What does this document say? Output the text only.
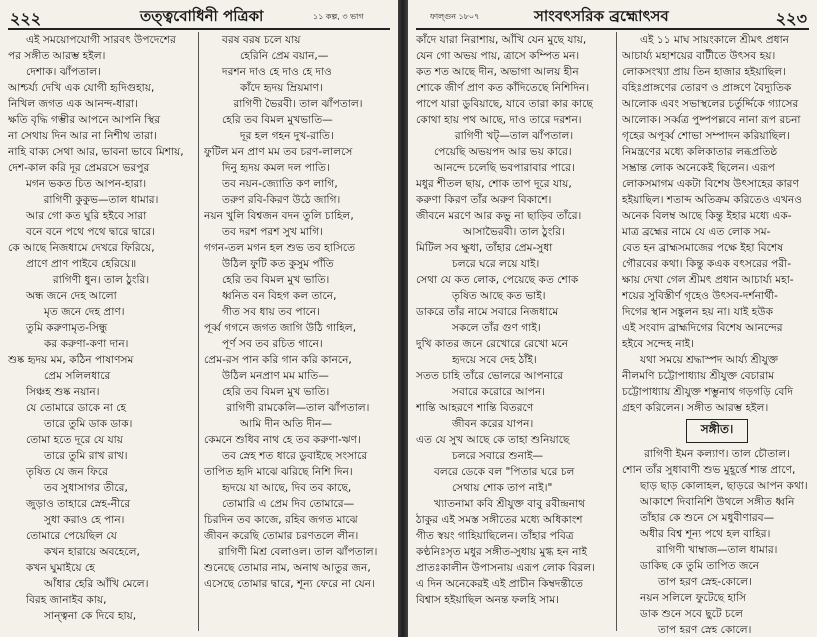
২২২	তত্ত্ববোধিনী পত্রিকা	১১ কল্প, ৩ ভাগ
এই সময়োপযোগী সারবৎ উপদেশের
পর সঙ্গীত আরম্ভ হইল।
দেশাক। ঝাঁপতাল।
আশ্চর্য্য দেখি এক যোগী হৃদিগুহায়,
নিখিল জগত এক আনন্দ-ধারা।
ক্ষতি বৃদ্ধি গম্ভীর আপনে আপনি স্থির
না সেথায় দিন আর না নিশীথ তারা।
নাহি বাক্য সেথা আর, ভাবনা ভাবে মিশায়,
দেশ-কাল করি দূর প্রেমরসে ভরপুর
মগন ভকত চিত আপন-হারা।
রাগিণী কুকুভ—তাল ধামার।
আর গো কত ঘুরি হইবে সারা
বনে বনে পথে পথে দ্বারে দ্বারে।
কে আছে নিজধামে দেখরে ফিরিয়ে,
প্রাণে প্রাণ পাইবে হেরিয়ে॥
রাগিণী ধুন। তাল ঠুংরি।
অন্ধ জনে দেহ আলো
মৃত জনে দেহ প্রাণ।
তুমি করুণামৃত-সিন্ধু
কর করুণা-কণা দান।
শুষ্ক হৃদয় মম, কঠিন পাষাণসম
প্রেম সলিলধারে
সিঞ্চহ শুষ্ক নয়ান।
যে তোমারে ডাকে না হে
তারে তুমি ডাক ডাক।
তোমা হতে দূরে যে যায়
তারে তুমি রাখ রাখ।
তৃষিত যে জন ফিরে
তব সুধাসাগর তীরে,
জুড়াও তাহারে স্নেহ-নীরে
সুধা করাও হে পান।
তোমারে পেয়েছিল যে
কখন হারায়ে অবহেলে,
কখন ঘুমাইয়ে হে
আঁধার হেরি আঁখি মেলে।
বিরহ জানাইব কায়,
সান্ত্বনা কে দিবে হায়,
বরষ বরষ চলে যায়
হেরিনি প্রেম বয়ান,—
দরশন দাও হে দাও হে দাও
কাঁদে হৃদয় ম্রিয়মাণ।
রাগিণী ভৈরবী। তাল ঝাঁপতাল।
হেরি তব বিমল মুখভাতি—
দূর হল গহন দুখ-রাতি।
ফুটিল মন প্রাণ মম তব চরণ-লালসে
দিনু হৃদয় কমল দল পাতি।
তব নয়ন-জ্যোতি কণ লাগি,
তরুণ রবি-কিরণ উঠে জাগি।
নয়ন খুলি বিশ্বজন বদন তুলি চাহিল,
তব দরশ পরশ সুখ মাগি।
গগন-তল মগন হল শুভ তব হাসিতে
উঠিল ফুটি কত কুসুম পাঁতি
হেরি তব বিমল মুখ ভাতি।
ধ্বনিত বন বিহগ কল তানে,
গীত সব ধায় তব পানে।
পূর্ব্ব গগনে জগত জাগি উঠি গাহিল,
পূর্ণ সব তব রচিত গানে।
প্রেম-রস পান করি গান করি কাননে,
উঠিল মনপ্রাণ মম মাতি—
হেরি তব বিমল মুখ ভাতি।
রাগিণী রামকেলি—তাল ঝাঁপতাল।
আমি দীন অতি দীন—
কেমনে শুধিব নাথ হে তব করুণা-ঋণ।
তব স্নেহ শত ধারে ডুবাইছে সংসারে
তাপিত হৃদি মাঝে ঝরিছে নিশি দিন।
হৃদয়ে যা আছে, দিব তব কাছে,
তোমারি এ প্রেম দিব তোমারে—
চিরদিন তব কাজে, রহিব জগত মাঝে
জীবন করেছি তোমার চরণতলে লীন।
রাগিণী মিশ্র বেলাওল। তাল ঝাঁপতাল।
শুনেছে তোমার নাম, অনাথ আতুর জন,
এসেছে তোমার দ্বারে, শূন্য ফেরে না যেন।
ফাল্গুন ১৮০৭	সাংবৎসরিক ব্রহ্মোৎসব	২২৩
কাঁদে যারা নিরাশায়, আঁখি যেন মুছে যায়,
যেন গো অভয় পায়, ত্রাসে কম্পিত মন।
কত শত আছে দীন, অভাগা আলয় হীন
শোকে জীর্ণ প্রাণ কত কাঁদিতেছে নিশিদিন।
পাপে যারা ডুবিয়াছে, যাবে তারা কার কাছে
কোথা হায় পথ আছে, দাও তারে দরশন।
রাগিণী খট্—তাল ঝাঁপতাল।
পেয়েছি অভয়পদ আর ভয় কারে।
আনন্দে চলেছি ভবপারাবার পারে।
মধুর শীতল ছায়, শোক তাপ দূরে যায়,
করুণা কিরণ তাঁর অরুণ বিকাশে।
জীবনে মরণে আর কভু না ছাড়িব তাঁরে।
আসাভৈরবী। তাল ঠুংরি।
মিটিল সব ক্ষুধা, তাঁহার প্রেম-সুধা
চলরে ঘরে লয়ে যাই।
সেথা যে কত লোক, পেয়েছে কত শোক
তৃষিত আছে কত ভাই।
ডাকরে তাঁর নামে সবারে নিজধামে
সকলে তাঁর গুণ গাই।
দুখি কাতর জনে রেখোরে রেখো মনে
হৃদয়ে সবে দেহ ঠাঁই।
সতত চাহি তাঁরে ভোলরে আপনারে
সবারে করোরে আপন।
শান্তি আহরণে শান্তি বিতরণে
জীবন করের যাপন।
এত যে সুখ আছে কে তাহা শুনিয়াছে
চলরে সবারে শুনাই—
বলরে ডেকে বল "পিতার ঘরে চল
সেথায় শোক তাপ নাই।"
খ্যাতনামা কবি শ্রীযুক্ত বাবু রবীন্দ্রনাথ
ঠাকুর এই সমস্ত সঙ্গীতের মধ্যে অধিকাংশ
গীত স্বয়ং গাহিয়াছিলেন। তাঁহার পবিত্র
কণ্ঠনিঃসৃত মধুর সঙ্গীত-সুধায় মুগ্ধ হন নাই
প্রাতঃকালীন উপাসনায় এরূপ লোক বিরল।
এ দিন অনেকেরই এই প্রাচীন কিম্বদন্তীতে
বিশ্বাস হইয়াছিল অনন্ত ফলহি সাম।
এই ১১ মাঘ সায়ংকালে শ্রীমৎ প্রধান
আচার্য্য মহাশয়ের বাটীতে উৎসব হয়।
লোকসংখ্যা প্রায় তিন হাজার হইয়াছিল।
বহিঃপ্রাঙ্গণের তোরণ ও প্রাঙ্গণে বৈদ্যুতিক
আলোক এবং সভাস্থলের চর্তুর্দ্দিকে গ্যাসের
আলোক। সর্ব্বত্র পুষ্পপল্লবে নানা রূপ রচনা
গৃহের অপূর্ব্ব শোভা সম্পাদন করিয়াছিল।
নিমন্ত্রণের মধ্যে কলিকাতার লব্ধপ্রতিষ্ঠ
সম্ভ্রান্ত লোক অনেকেই ছিলেন। এরূপ
লোকসমাগম একটা বিশেষ উৎসাহের কারণ
হইয়াছিল। শতাব্দ অতিক্রম করিতেও এখনও
অনেক বিলম্ব আছে কিন্তু ইহার মধ্যে এক-
মাত্র ব্রহ্মের নামে যে এত লোক সম-
বেত হন ব্রাহ্মসমাজের পক্ষে ইহা বিশেষ
গৌরবের কথা। কিন্তু কএক বৎসরের পরী-
ক্ষায় দেখা গেল শ্রীমৎ প্রধান আচার্য্য মহা-
শয়ের সুবিস্তীর্ণ গৃহেও উৎসব-দর্শনার্থী-
দিগের স্থান সঙ্কুলন হয় না। যাই হউক
এই সংবাদ ব্রাহ্মদিগের বিশেষ আনন্দের
হইবে সন্দেহ নাই।
যথা সময়ে শ্রদ্ধাস্পদ আর্য্য শ্রীযুক্ত
নীলমণি চট্টোপাধ্যায় শ্রীযুক্ত বেচারাম
চট্টোপাধ্যায় শ্রীযুক্ত শম্ভুনাথ গড়গড়ি বেদি
গ্রহণ করিলেন। সঙ্গীত আরম্ভ হইল।
সঙ্গীত।
রাগিণী ইমন কল্যাণ। তাল চৌতাল।
শোন তাঁর সুধাবাণী শুভ মুহূর্ত্তে শান্ত প্রাণে,
ছাড় ছাড় কোলাহল, ছাড়রে আপন কথা।
আকাশে দিবানিশি উথলে সঙ্গীত ধ্বনি
তাঁহার কে শুনে সে মধুবীণারব—
অধীর বিশ্ব শূন্য পথে হল বাহির।
রাগিণী খাম্বাজ—তাল ধামার।
ডাকিছ কে তুমি তাপিত জনে
তাপ হরণ স্নেহ-কোলে।
নয়ন সলিলে ফুটেছে হাসি
ডাক শুনে সবে ছুটে চলে
তাপ হরণ স্নেহ কোলে।
